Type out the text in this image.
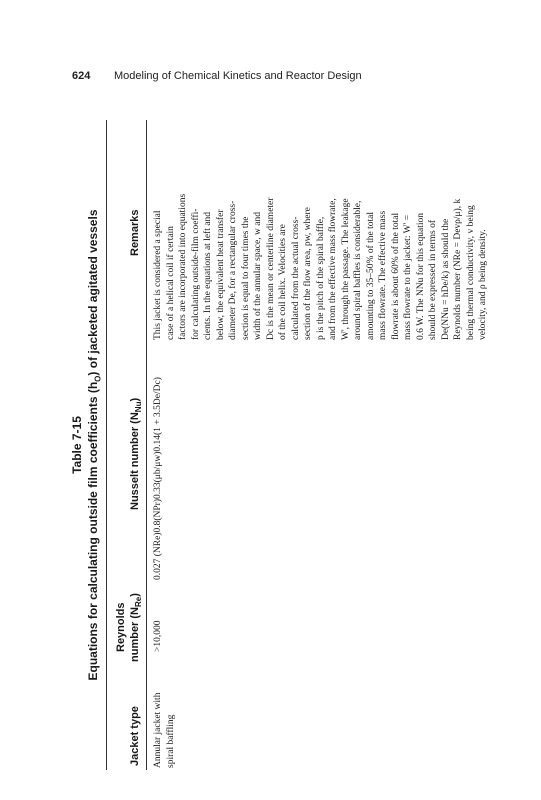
624 Modeling of Chemical Kinetics and Reactor Design
Table 7-15 Equations for calculating outside film coefficients $(h_O)$ of jacketed agitated vessels
Jacket type
Reynolds number $(N_{Re})$
Nusselt number $(N_{Nu})$
Remarks
Annular jacket with
spiral baffling
>10,000
0.027 (NRe)0.8(NPr)0.33(μb/μw)0.14(1 + 3.5De/Dc)
This jacket is considered a special
case of a helical coil if certain
factors are incorporated into equations
for calculating outside-film coeffi-
cients. In the equations at left and
below, the equivalent heat transfer
diameter De, for a rectangular cross-
section is equal to four times the
width of the annular space, w and
Dc is the mean or centerline diameter
of the coil helix. Velocities are
calculated from the actual cross-
section of the flow area, pw, where
p is the pitch of the spiral baffle,
and from the effective mass flowrate,
W', through the passage. The leakage
around spiral baffles is considerable,
amounting to 35–50% of the total
mass flowrate. The effective mass
flowrate is about 60% of the total
mass flowrate to the jacket: W' =
0.6 W. The NNu for this equation
should be expressed in terms of
De(NNu = hDe/k) as should the
Reynolds number (NRe = Devρ/μ), k
being thermal conductivity, v being
velocity, and ρ being density.
